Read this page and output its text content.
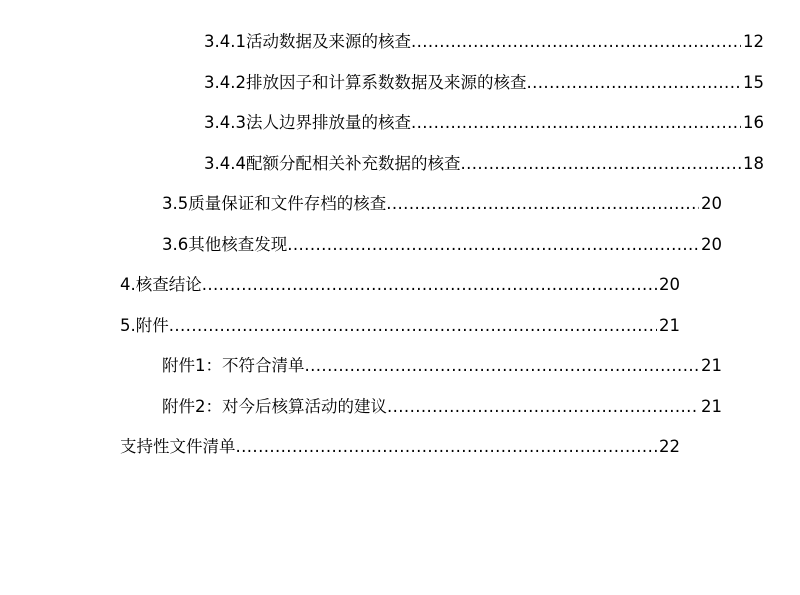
3.4.1活动数据及来源的核查 .....	12
3.4.2排放因子和计算系数数据及来源的核查 .....	15
3.4.3法人边界排放量的核查 .....	16
3.4.4配额分配相关补充数据的核查 .....	18
3.5质量保证和文件存档的核查 .....	20
3.6其他核查发现 .....	20
4.核查结论 .....	20
5.附件 .....	21
附件1：不符合清单 .....	21
附件2：对今后核算活动的建议 .....	21
支持性文件清单 .....	22
